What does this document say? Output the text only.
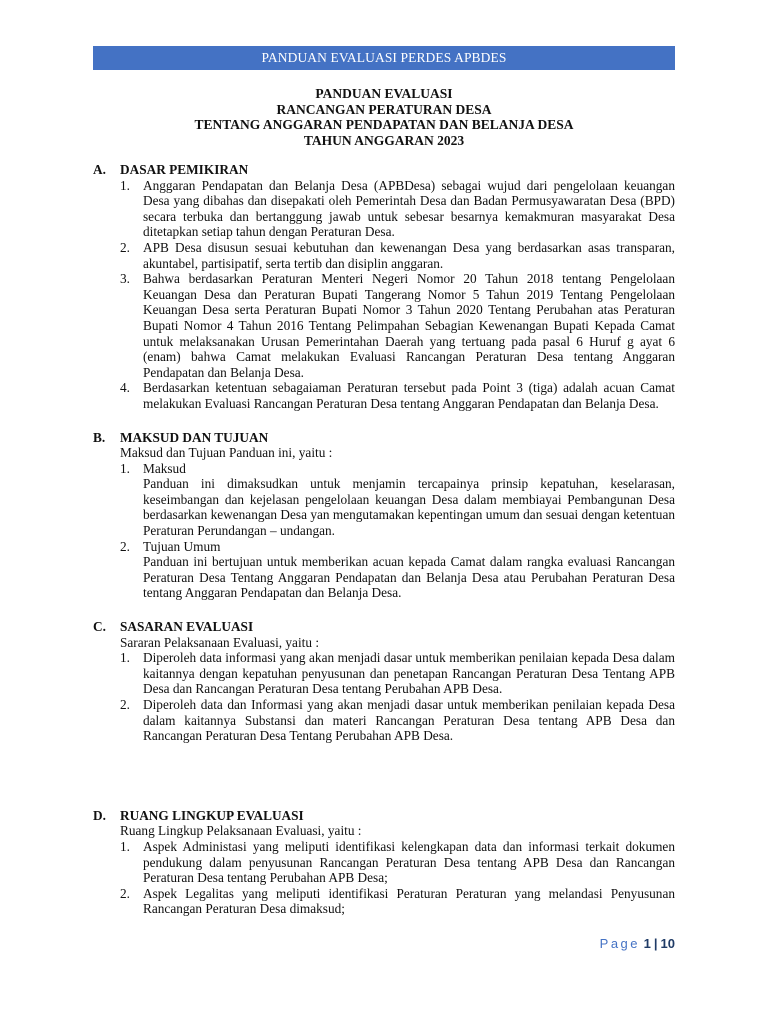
PANDUAN EVALUASI PERDES APBDES
PANDUAN EVALUASI
RANCANGAN PERATURAN DESA
TENTANG ANGGARAN PENDAPATAN DAN BELANJA DESA
TAHUN ANGGARAN 2023
A.	DASAR PEMIKIRAN
1. Anggaran Pendapatan dan Belanja Desa (APBDesa) sebagai wujud dari pengelolaan keuangan Desa yang dibahas dan disepakati oleh Pemerintah Desa dan Badan Permusyawaratan Desa (BPD) secara terbuka dan bertanggung jawab untuk sebesar besarnya kemakmuran masyarakat Desa ditetapkan setiap tahun dengan Peraturan Desa.
2. APB Desa disusun sesuai kebutuhan dan kewenangan Desa yang berdasarkan asas transparan, akuntabel, partisipatif, serta tertib dan disiplin anggaran.
3. Bahwa berdasarkan Peraturan Menteri Negeri Nomor 20 Tahun 2018 tentang Pengelolaan Keuangan Desa dan Peraturan Bupati Tangerang Nomor 5 Tahun 2019 Tentang Pengelolaan Keuangan Desa serta Peraturan Bupati Nomor 3 Tahun 2020 Tentang Perubahan atas Peraturan Bupati Nomor 4 Tahun 2016 Tentang Pelimpahan Sebagian Kewenangan Bupati Kepada Camat untuk melaksanakan Urusan Pemerintahan Daerah yang tertuang pada pasal 6 Huruf g ayat 6 (enam) bahwa Camat melakukan Evaluasi Rancangan Peraturan Desa tentang Anggaran Pendapatan dan Belanja Desa.
4. Berdasarkan ketentuan sebagaiaman Peraturan tersebut pada Point 3 (tiga) adalah acuan Camat melakukan Evaluasi Rancangan Peraturan Desa tentang Anggaran Pendapatan dan Belanja Desa.
B.	MAKSUD DAN TUJUAN
Maksud dan Tujuan Panduan ini, yaitu :
1. Maksud
Panduan ini dimaksudkan untuk menjamin tercapainya prinsip kepatuhan, keselarasan, keseimbangan dan kejelasan pengelolaan keuangan Desa dalam membiayai Pembangunan Desa berdasarkan kewenangan Desa yan mengutamakan kepentingan umum dan sesuai dengan ketentuan Peraturan Perundangan – undangan.
2. Tujuan Umum
Panduan ini bertujuan untuk memberikan acuan kepada Camat dalam rangka evaluasi Rancangan Peraturan Desa Tentang Anggaran Pendapatan dan Belanja Desa atau Perubahan Peraturan Desa tentang Anggaran Pendapatan dan Belanja Desa.
C.	SASARAN EVALUASI
Sararan Pelaksanaan Evaluasi, yaitu :
1. Diperoleh data informasi yang akan menjadi dasar untuk memberikan penilaian kepada Desa dalam kaitannya dengan kepatuhan penyusunan dan penetapan Rancangan Peraturan Desa Tentang APB Desa dan Rancangan Peraturan Desa tentang Perubahan APB Desa.
2. Diperoleh data dan Informasi yang akan menjadi dasar untuk memberikan penilaian kepada Desa dalam kaitannya Substansi dan materi Rancangan Peraturan Desa tentang APB Desa dan Rancangan Peraturan Desa Tentang Perubahan APB Desa.
D.	RUANG LINGKUP EVALUASI
Ruang Lingkup Pelaksanaan Evaluasi, yaitu :
1. Aspek Administasi yang meliputi identifikasi kelengkapan data dan informasi terkait dokumen pendukung dalam penyusunan Rancangan Peraturan Desa tentang APB Desa dan Rancangan Peraturan Desa tentang Perubahan APB Desa;
2. Aspek Legalitas yang meliputi identifikasi Peraturan Peraturan yang melandasi Penyusunan Rancangan Peraturan Desa dimaksud;
Page 1 | 10
